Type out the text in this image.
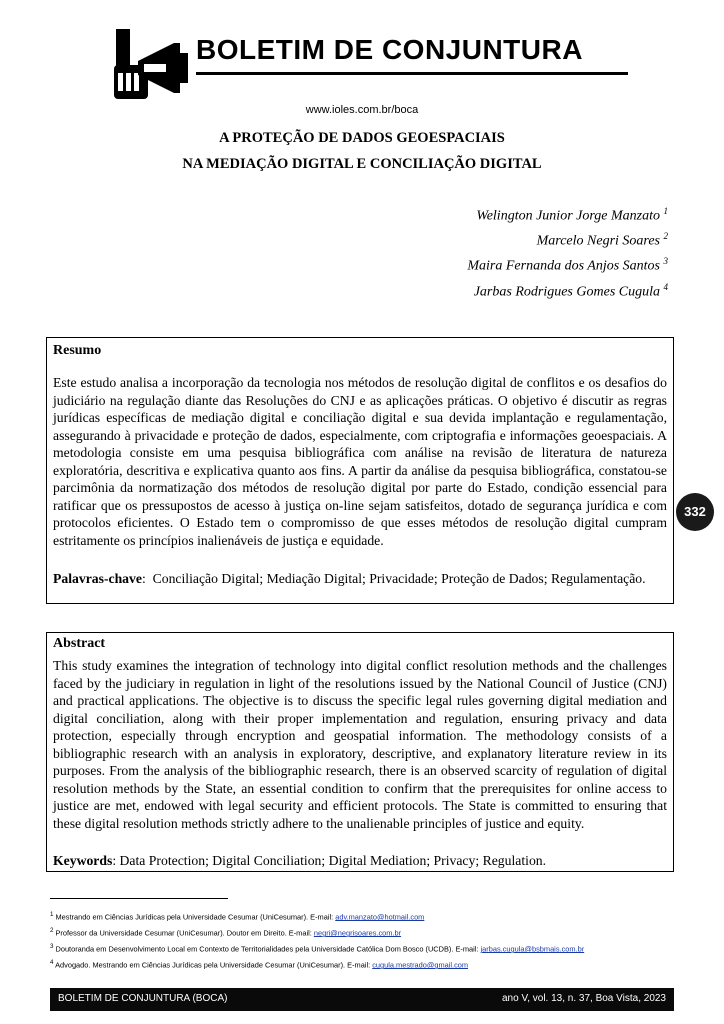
BOLETIM DE CONJUNTURA
www.ioles.com.br/boca
A PROTEÇÃO DE DADOS GEOESPACIAIS
NA MEDIAÇÃO DIGITAL E CONCILIAÇÃO DIGITAL
Welington Junior Jorge Manzato $^1$
Marcelo Negri Soares $^2$
Maira Fernanda dos Anjos Santos $^3$
Jarbas Rodrigues Gomes Cugula $^4$
Resumo
Este estudo analisa a incorporação da tecnologia nos métodos de resolução digital de conflitos e os desafios do judiciário na regulação diante das Resoluções do CNJ e as aplicações práticas. O objetivo é discutir as regras jurídicas específicas de mediação digital e conciliação digital e sua devida implantação e regulamentação, assegurando à privacidade e proteção de dados, especialmente, com criptografia e informações geoespaciais. A metodologia consiste em uma pesquisa bibliográfica com análise na revisão de literatura de natureza exploratória, descritiva e explicativa quanto aos fins. A partir da análise da pesquisa bibliográfica, constatou-se parcimônia da normatização dos métodos de resolução digital por parte do Estado, condição essencial para ratificar que os pressupostos de acesso à justiça on-line sejam satisfeitos, dotado de segurança jurídica e com protocolos eficientes. O Estado tem o compromisso de que esses métodos de resolução digital cumpram estritamente os princípios inalienáveis de justiça e equidade.
Palavras-chave:  Conciliação Digital; Mediação Digital; Privacidade; Proteção de Dados; Regulamentação.
332
Abstract
This study examines the integration of technology into digital conflict resolution methods and the challenges faced by the judiciary in regulation in light of the resolutions issued by the National Council of Justice (CNJ) and practical applications. The objective is to discuss the specific legal rules governing digital mediation and digital conciliation, along with their proper implementation and regulation, ensuring privacy and data protection, especially through encryption and geospatial information. The methodology consists of a bibliographic research with an analysis in exploratory, descriptive, and explanatory literature review in its purposes. From the analysis of the bibliographic research, there is an observed scarcity of regulation of digital resolution methods by the State, an essential condition to confirm that the prerequisites for online access to justice are met, endowed with legal security and efficient protocols. The State is committed to ensuring that these digital resolution methods strictly adhere to the unalienable principles of justice and equity.
Keywords: Data Protection; Digital Conciliation; Digital Mediation; Privacy; Regulation.
$^1$ Mestrando em Ciências Jurídicas pela Universidade Cesumar (UniCesumar). E-mail: adv.manzato@hotmail.com
$^2$ Professor da Universidade Cesumar (UniCesumar). Doutor em Direito. E-mail: negri@negrisoares.com.br
$^3$ Doutoranda em Desenvolvimento Local em Contexto de Territorialidades pela Universidade Católica Dom Bosco (UCDB). E-mail: jarbas.cugula@bsbmais.com.br
$^4$ Advogado. Mestrando em Ciências Jurídicas pela Universidade Cesumar (UniCesumar). E-mail: cugula.mestrado@gmail.com
BOLETIM DE CONJUNTURA (BOCA)	ano V, vol. 13, n. 37, Boa Vista, 2023
